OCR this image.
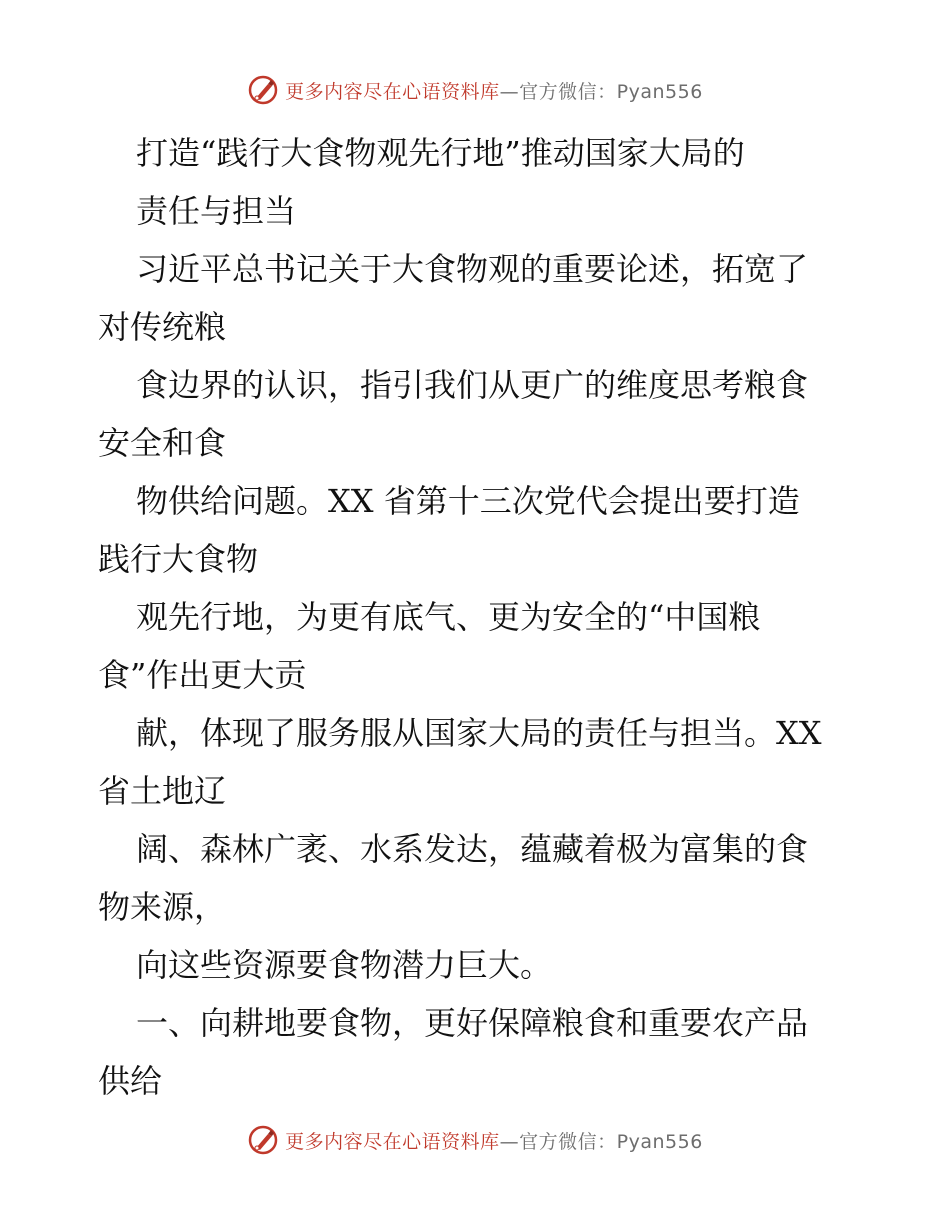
更多内容尽在心语资料库—官方微信：Pyan556
打造“践行大食物观先行地”推动国家大局的
责任与担当
习近平总书记关于大食物观的重要论述，拓宽了
对传统粮
食边界的认识，指引我们从更广的维度思考粮食
安全和食
物供给问题。XX 省第十三次党代会提出要打造
践行大食物
观先行地，为更有底气、更为安全的“中国粮
食”作出更大贡
献，体现了服务服从国家大局的责任与担当。XX
省土地辽
阔、森林广袤、水系发达，蕴藏着极为富集的食
物来源，
向这些资源要食物潜力巨大。
一、向耕地要食物，更好保障粮食和重要农产品
供给
更多内容尽在心语资料库—官方微信：Pyan556
